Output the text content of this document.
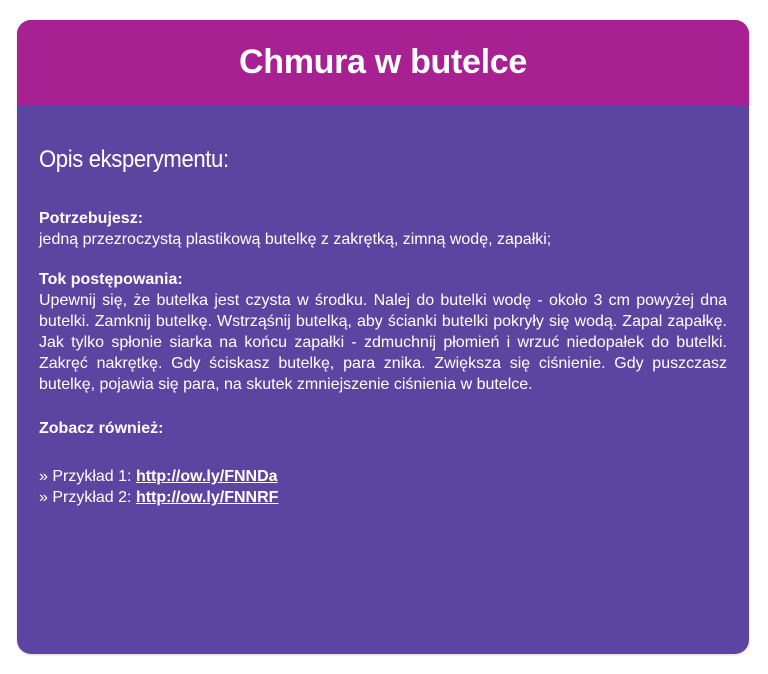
Chmura w butelce
Opis eksperymentu:
Potrzebujesz:
jedną przezroczystą plastikową butelkę z zakrętką, zimną wodę, zapałki;
Tok postępowania:
Upewnij się, że butelka jest czysta w środku. Nalej do butelki wodę - około 3 cm powyżej dna butelki. Zamknij butelkę. Wstrząśnij butelką, aby ścianki butelki pokryły się wodą. Zapal zapałkę. Jak tylko spłonie siarka na końcu zapałki - zdmuchnij płomień i wrzuć niedopałek do butelki. Zakręć nakrętkę. Gdy ściskasz butelkę, para znika. Zwiększa się ciśnienie. Gdy puszczasz butelkę, pojawia się para, na skutek zmniejszenie ciśnienia w butelce.
Zobacz również:
» Przykład 1: http://ow.ly/FNNDa
» Przykład 2: http://ow.ly/FNNRF
